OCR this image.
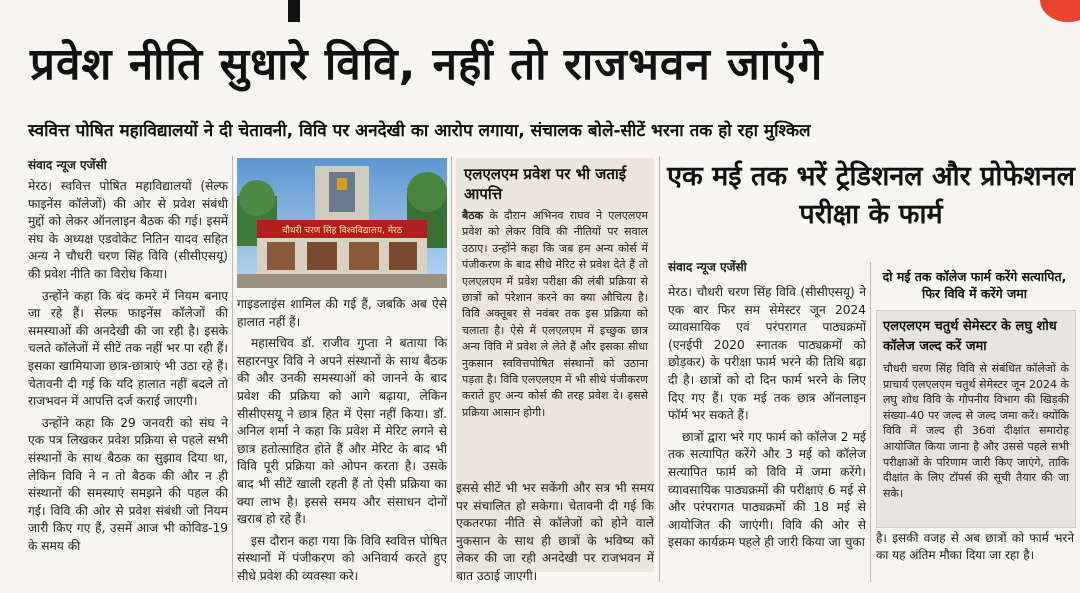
प्रवेश नीति सुधारे विवि, नहीं तो राजभवन जाएंगे
स्ववित्त पोषित महाविद्यालयों ने दी चेतावनी, विवि पर अनदेखी का आरोप लगाया, संचालक बोले-सीटें भरना तक हो रहा मुश्किल
संवाद न्यूज एजेंसी

मेरठ। स्ववित्त पोषित महाविद्यालयों (सेल्फ फाइनेंस कॉलेजों) की ओर से प्रवेश संबंधी मुद्दों को लेकर ऑनलाइन बैठक की गई। इसमें संघ के अध्यक्ष एडवोकेट नितिन यादव सहित अन्य ने चौधरी चरण सिंह विवि (सीसीएसयू) की प्रवेश नीति का विरोध किया।

उन्होंने कहा कि बंद कमरे में नियम बनाए जा रहे हैं। सेल्फ फाइनेंस कॉलेजों की समस्याओं की अनदेखी की जा रही है। इसके चलते कॉलेजों में सीटें तक नहीं भर पा रही हैं। इसका खामियाजा छात्र-छात्राएं भी उठा रहे हैं। चेतावनी दी गई कि यदि हालात नहीं बदले तो राजभवन में आपत्ति दर्ज कराई जाएगी।

उन्होंने कहा कि 29 जनवरी को संघ ने एक पत्र लिखकर प्रवेश प्रक्रिया से पहले सभी संस्थानों के साथ बैठक का सुझाव दिया था, लेकिन विवि ने न तो बैठक की और न ही संस्थानों की समस्याएं समझने की पहल की गई। विवि की ओर से प्रवेश संबंधी जो नियम जारी किए गए हैं, उसमें आज भी कोविड-19 के समय की

चौधरी चरण सिंह विश्वविद्यालय, मेरठ

गाइडलाइंस शामिल की गई हैं, जबकि अब ऐसे हालात नहीं हैं।

महासचिव डॉ. राजीव गुप्ता ने बताया कि सहारनपुर विवि ने अपने संस्थानों के साथ बैठक की और उनकी समस्याओं को जानने के बाद प्रवेश की प्रक्रिया को आगे बढ़ाया, लेकिन सीसीएसयू ने छात्र हित में ऐसा नहीं किया। डॉ. अनिल शर्मा ने कहा कि प्रवेश में मेरिट लगने से छात्र हतोत्साहित होते हैं और मेरिट के बाद भी विवि पूरी प्रक्रिया को ओपन करता है। उसके बाद भी सीटें खाली रहती हैं तो ऐसी प्रक्रिया का क्या लाभ है। इससे समय और संसाधन दोनों खराब हो रहे हैं।

इस दौरान कहा गया कि विवि स्ववित्त पोषित संस्थानों में पंजीकरण को अनिवार्य करते हुए सीधे प्रवेश की व्यवस्था करे।

एलएलएम प्रवेश पर भी जताई आपत्ति
बैठक के दौरान अभिनव राघव ने एलएलएम प्रवेश को लेकर विवि की नीतियों पर सवाल उठाए। उन्होंने कहा कि जब हम अन्य कोर्स में पंजीकरण के बाद सीधे मेरिट से प्रवेश देते हैं तो एलएलएम में प्रवेश परीक्षा की लंबी प्रक्रिया से छात्रों को परेशान करने का क्या औचित्य है। विवि अक्तूबर से नवंबर तक इस प्रक्रिया को चलाता है। ऐसे में एलएलएम में इच्छुक छात्र अन्य विवि में प्रवेश ले लेते हैं और इसका सीधा नुकसान स्ववित्तपोषित संस्थानों को उठाना पड़ता है। विवि एलएलएम में भी सीधे पंजीकरण कराते हुए अन्य कोर्स की तरह प्रवेश दे। इससे प्रक्रिया आसान होगी।

इससे सीटें भी भर सकेंगी और सत्र भी समय पर संचालित हो सकेगा। चेतावनी दी गई कि एकतरफा नीति से कॉलेजों को होने वाले नुकसान के साथ ही छात्रों के भविष्य को लेकर की जा रही अनदेखी पर राजभवन में बात उठाई जाएगी।

एक मई तक भरें ट्रेडिशनल और प्रोफेशनल परीक्षा के फार्म
संवाद न्यूज एजेंसी

मेरठ। चौधरी चरण सिंह विवि (सीसीएसयू) ने एक बार फिर सम सेमेस्टर जून 2024 व्यावसायिक एवं परंपरागत पाठ्यक्रमों (एनईपी 2020 स्नातक पाठ्यक्रमों को छोड़कर) के परीक्षा फार्म भरने की तिथि बढ़ा दी है। छात्रों को दो दिन फार्म भरने के लिए दिए गए हैं। एक मई तक छात्र ऑनलाइन फॉर्म भर सकते हैं।

छात्रों द्वारा भरे गए फार्म को कॉलेज 2 मई तक सत्यापित करेंगे और 3 मई को कॉलेज सत्यापित फार्म को विवि में जमा करेंगे। व्यावसायिक पाठ्यक्रमों की परीक्षाएं 6 मई से और परंपरागत पाठ्यक्रमों की 18 मई से आयोजित की जाएंगी। विवि की ओर से इसका कार्यक्रम पहले ही जारी किया जा चुका

दो मई तक कॉलेज फार्म करेंगे सत्यापित, फिर विवि में करेंगे जमा
एलएलएम चतुर्थ सेमेस्टर के लघु शोध कॉलेज जल्द करें जमा
चौधरी चरण सिंह विवि से संबंधित कॉलेजों के प्राचार्य एलएलएम चतुर्थ सेमेस्टर जून 2024 के लघु शोध विवि के गोपनीय विभाग की खिड़की संख्या-40 पर जल्द से जल्द जमा करें। क्योंकि विवि में जल्द ही 36वां दीक्षांत समारोह आयोजित किया जाना है और उससे पहले सभी परीक्षाओं के परिणाम जारी किए जाएंगे, ताकि दीक्षांत के लिए टॉपर्स की सूची तैयार की जा सके।
है। इसकी वजह से अब छात्रों को फार्म भरने का यह अंतिम मौका दिया जा रहा है।
